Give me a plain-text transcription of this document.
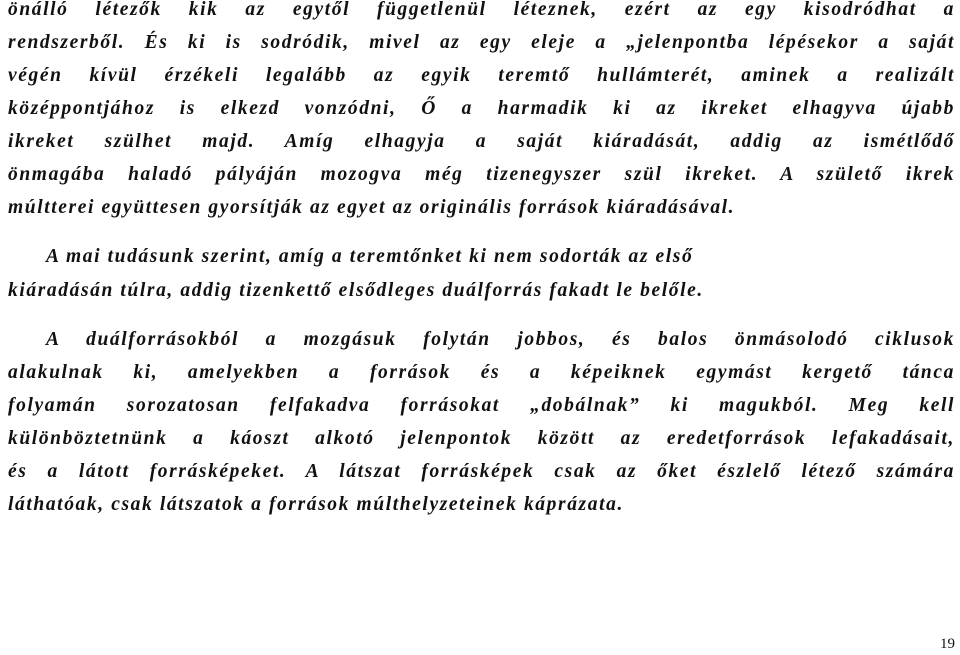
önálló létezők kik az egytől függetlenül léteznek, ezért az egy kisodródhat a

rendszerből. És ki is sodródik, mivel az egy eleje a „jelenpontba lépésekor a saját

végén kívül érzékeli legalább az egyik teremtő hullámterét, aminek a realizált

középpontjához is elkezd vonzódni, Ő a harmadik ki az ikreket elhagyva újabb

ikreket szülhet majd. Amíg elhagyja a saját kiáradását, addig az ismétlődő

önmagába haladó pályáján mozogva még tizenegyszer szül ikreket. A születő ikrek

múltterei együttesen gyorsítják az egyet az originális források kiáradásával.

A mai tudásunk szerint, amíg a teremtőnket ki nem sodorták az első

kiáradásán túlra, addig tizenkettő elsődleges duálforrás fakadt le belőle.

A duálforrásokból a mozgásuk folytán jobbos, és balos önmásolodó ciklusok

alakulnak ki, amelyekben a források és a képeiknek egymást kergető tánca

folyamán sorozatosan felfakadva forrásokat „dobálnak” ki magukból. Meg kell

különböztetnünk a káoszt alkotó jelenpontok között az eredetforrások lefakadásait,

és a látott forrásképeket. A látszat forrásképek csak az őket észlelő létező számára

láthatóak, csak látszatok a források múlthelyzeteinek káprázata.

19
